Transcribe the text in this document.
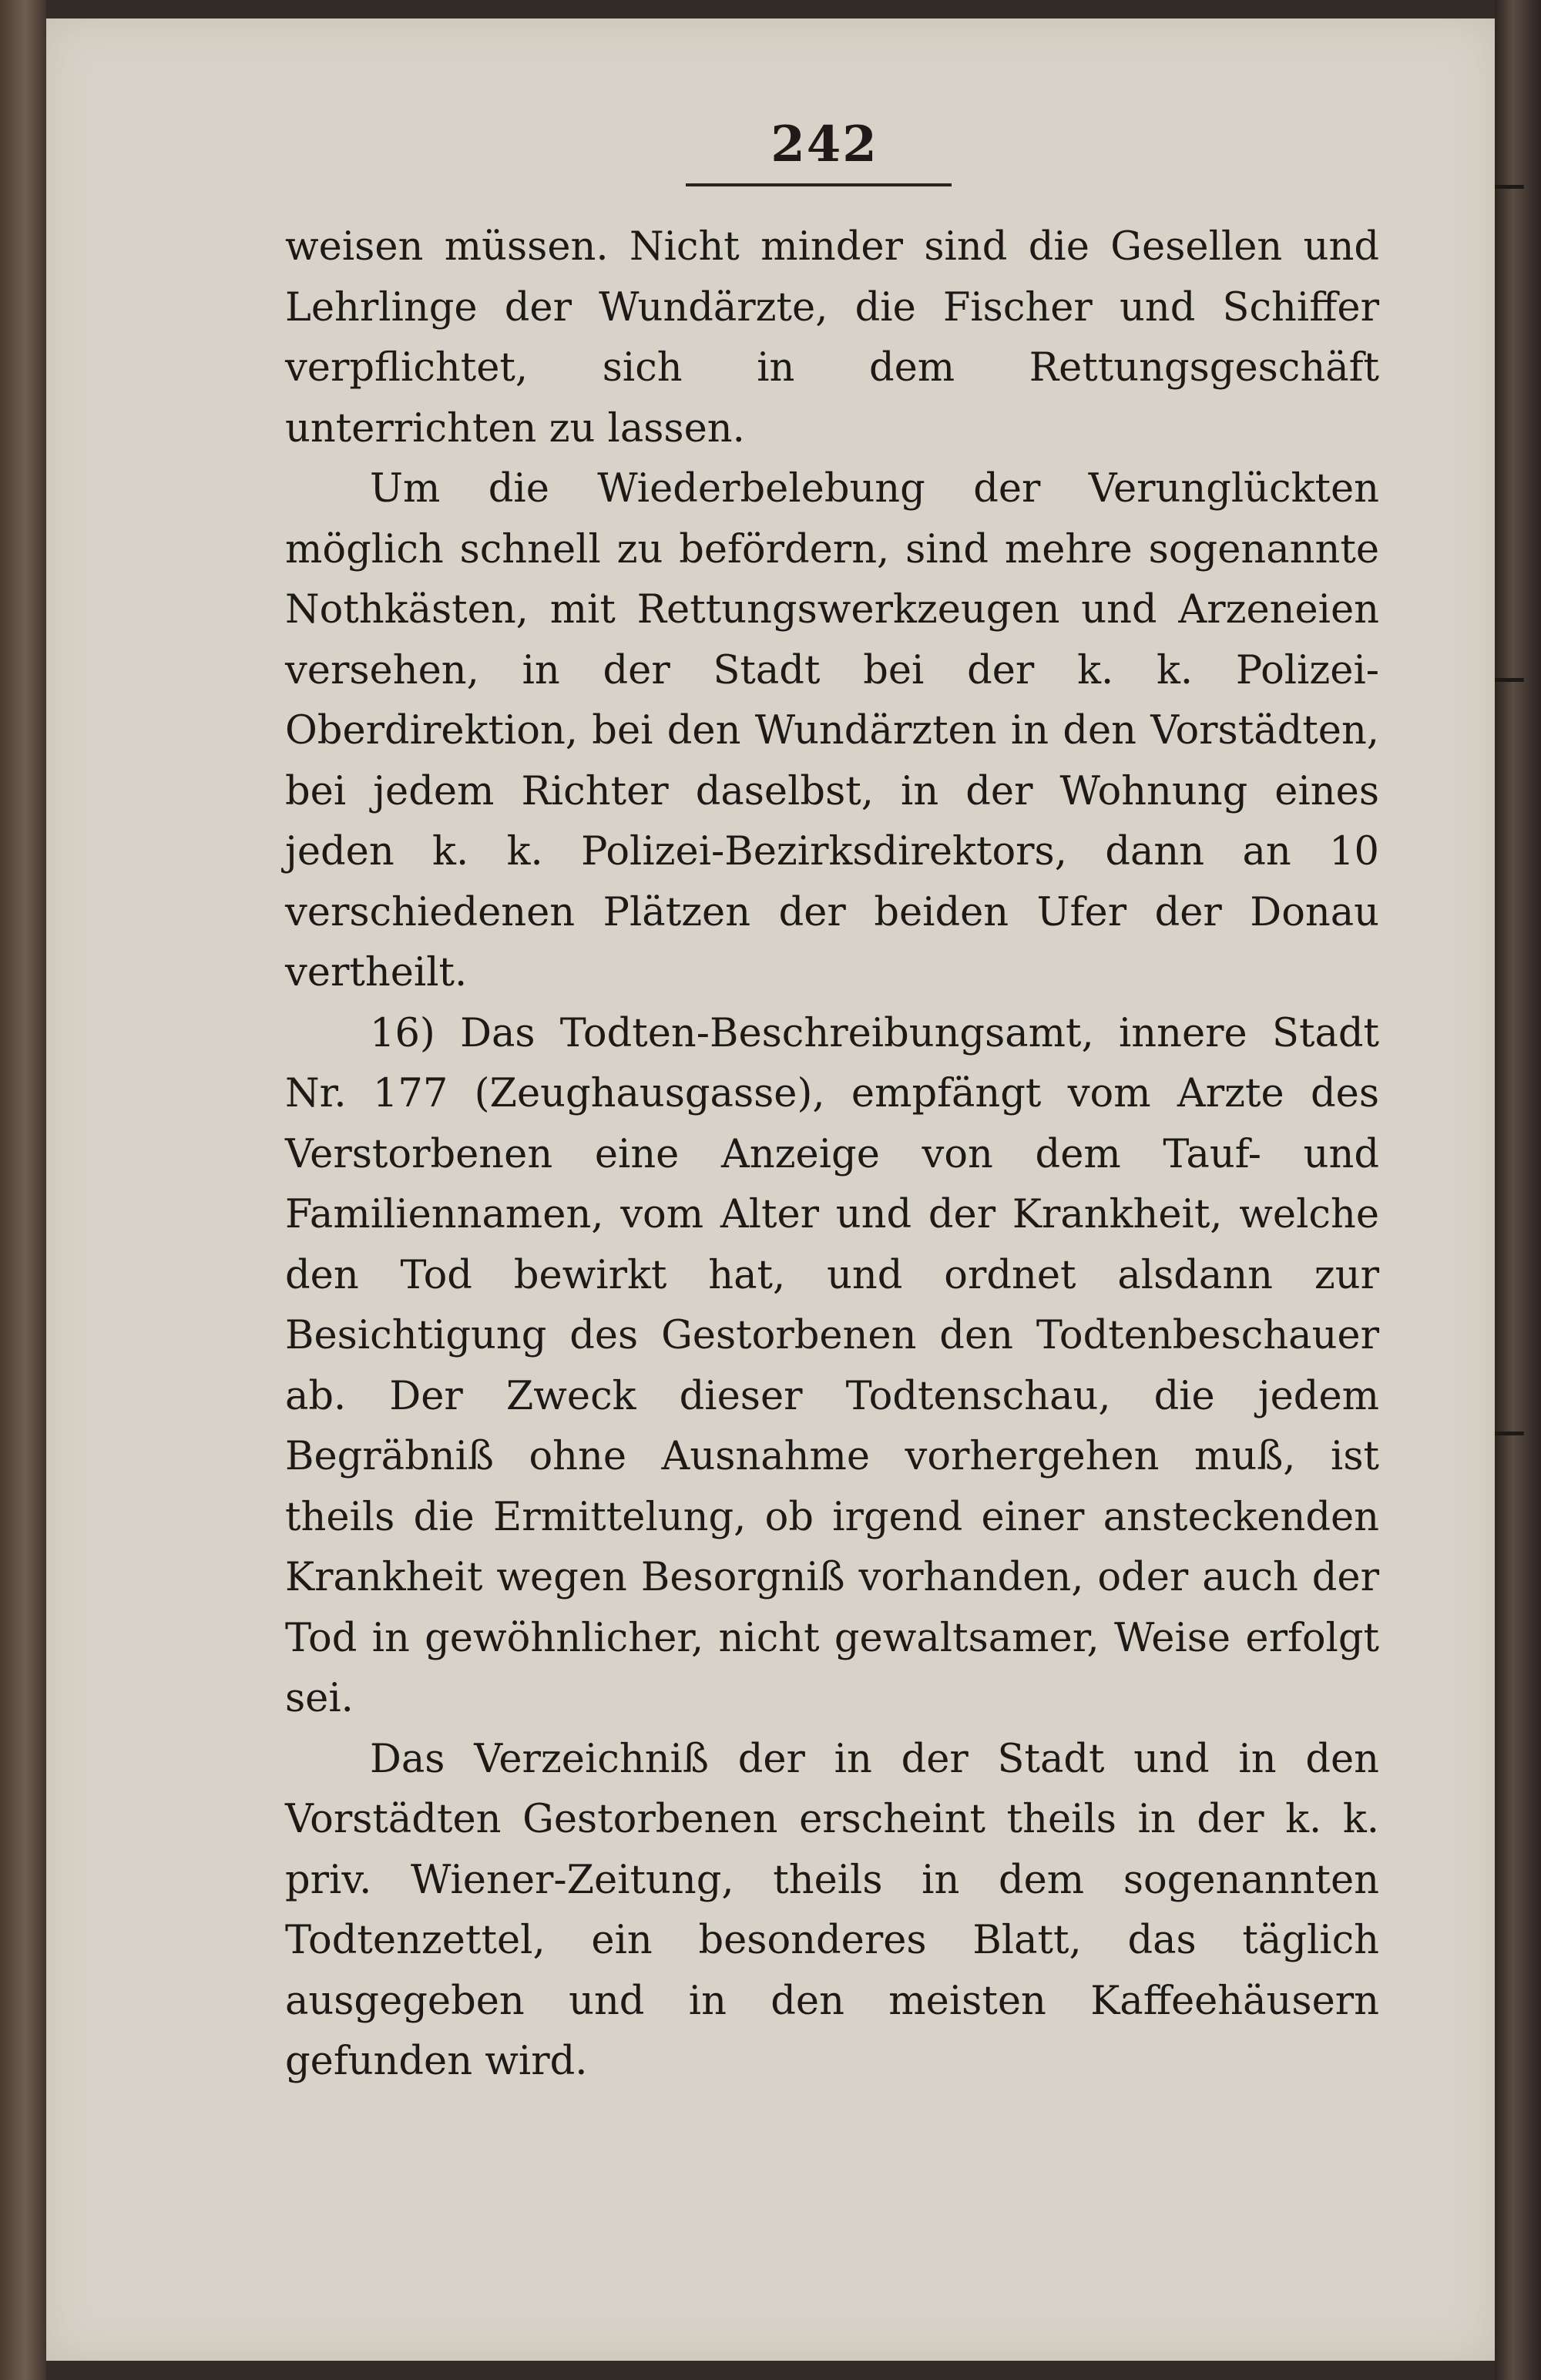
242

weisen müssen. Nicht minder sind die Gesellen und Lehrlinge der Wundärzte, die Fischer und Schiffer verpflichtet, sich in dem Rettungsgeschäft unterrichten zu lassen.

Um die Wiederbelebung der Verunglückten möglich schnell zu befördern, sind mehre sogenannte Nothkästen, mit Rettungswerkzeugen und Arzeneien versehen, in der Stadt bei der k. k. Polizei-Oberdirektion, bei den Wundärzten in den Vorstädten, bei jedem Richter daselbst, in der Wohnung eines jeden k. k. Polizei-Bezirksdirektors, dann an 10 verschiedenen Plätzen der beiden Ufer der Donau vertheilt.

16) Das Todten-Beschreibungsamt, innere Stadt Nr. 177 (Zeughausgasse), empfängt vom Arzte des Verstorbenen eine Anzeige von dem Tauf- und Familiennamen, vom Alter und der Krankheit, welche den Tod bewirkt hat, und ordnet alsdann zur Besichtigung des Gestorbenen den Todtenbeschauer ab. Der Zweck dieser Todtenschau, die jedem Begräbniß ohne Ausnahme vorhergehen muß, ist theils die Ermittelung, ob irgend einer ansteckenden Krankheit wegen Besorgniß vorhanden, oder auch der Tod in gewöhnlicher, nicht gewaltsamer, Weise erfolgt sei.

Das Verzeichniß der in der Stadt und in den Vorstädten Gestorbenen erscheint theils in der k. k. priv. Wiener-Zeitung, theils in dem sogenannten Todtenzettel, ein besonderes Blatt, das täglich ausgegeben und in den meisten Kaffeehäusern gefunden wird.
